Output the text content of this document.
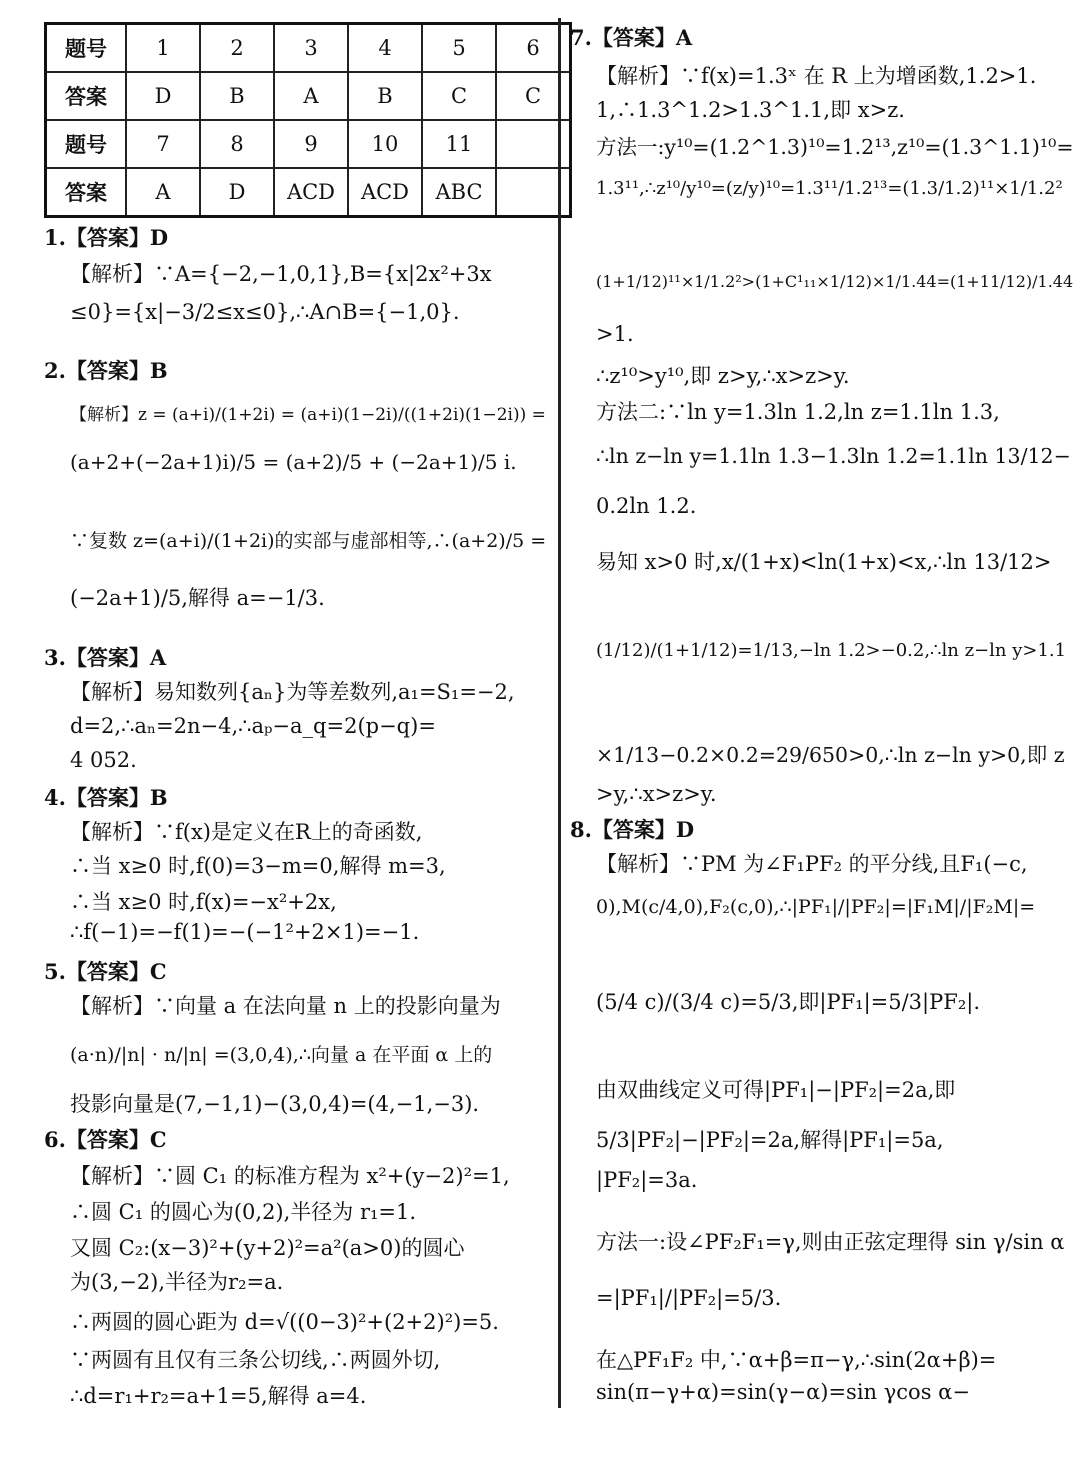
题号	1	2	3	4	5	6
答案	D	B	A	B	C	C
题号	7	8	9	10	11	
答案	A	D	ACD	ACD	ABC	
1.【答案】D
【解析】∵A={−2,−1,0,1},B={x|2x²+3x
≤0}={x|−3/2≤x≤0},∴A∩B={−1,0}.
2.【答案】B
【解析】z = (a+i)/(1+2i) = (a+i)(1−2i)/((1+2i)(1−2i)) =
(a+2+(−2a+1)i)/5 = (a+2)/5 + (−2a+1)/5 i.
∵复数 z=(a+i)/(1+2i)的实部与虚部相等,∴(a+2)/5 =
(−2a+1)/5,解得 a=−1/3.
3.【答案】A
【解析】易知数列{aₙ}为等差数列,a₁=S₁=−2,
d=2,∴aₙ=2n−4,∴aₚ−a_q=2(p−q)=
4 052.
4.【答案】B
【解析】∵f(x)是定义在R上的奇函数,
∴当 x≥0 时,f(0)=3−m=0,解得 m=3,
∴当 x≥0 时,f(x)=−x²+2x,
∴f(−1)=−f(1)=−(−1²+2×1)=−1.
5.【答案】C
【解析】∵向量 a 在法向量 n 上的投影向量为
(a·n)/|n| · n/|n| =(3,0,4),∴向量 a 在平面 α 上的
投影向量是(7,−1,1)−(3,0,4)=(4,−1,−3).
6.【答案】C
【解析】∵圆 C₁ 的标准方程为 x²+(y−2)²=1,
∴圆 C₁ 的圆心为(0,2),半径为 r₁=1.
又圆 C₂:(x−3)²+(y+2)²=a²(a>0)的圆心
为(3,−2),半径为r₂=a.
∴两圆的圆心距为 d=√((0−3)²+(2+2)²)=5.
∵两圆有且仅有三条公切线,∴两圆外切,
∴d=r₁+r₂=a+1=5,解得 a=4.
7.【答案】A
【解析】∵f(x)=1.3ˣ 在 R 上为增函数,1.2>1.
1,∴1.3^1.2>1.3^1.1,即 x>z.
方法一:y¹⁰=(1.2^1.3)¹⁰=1.2¹³,z¹⁰=(1.3^1.1)¹⁰=
1.3¹¹,∴z¹⁰/y¹⁰=(z/y)¹⁰=1.3¹¹/1.2¹³=(1.3/1.2)¹¹×1/1.2²
(1+1/12)¹¹×1/1.2²>(1+C¹₁₁×1/12)×1/1.44=(1+11/12)/1.44
>1.
∴z¹⁰>y¹⁰,即 z>y,∴x>z>y.
方法二:∵ln y=1.3ln 1.2,ln z=1.1ln 1.3,
∴ln z−ln y=1.1ln 1.3−1.3ln 1.2=1.1ln 13/12−
0.2ln 1.2.
易知 x>0 时,x/(1+x)<ln(1+x)<x,∴ln 13/12>
(1/12)/(1+1/12)=1/13,−ln 1.2>−0.2,∴ln z−ln y>1.1
×1/13−0.2×0.2=29/650>0,∴ln z−ln y>0,即 z
>y,∴x>z>y.
8.【答案】D
【解析】∵PM 为∠F₁PF₂ 的平分线,且F₁(−c,
0),M(c/4,0),F₂(c,0),∴|PF₁|/|PF₂|=|F₁M|/|F₂M|=
(5/4 c)/(3/4 c)=5/3,即|PF₁|=5/3|PF₂|.
由双曲线定义可得|PF₁|−|PF₂|=2a,即
5/3|PF₂|−|PF₂|=2a,解得|PF₁|=5a,
|PF₂|=3a.
方法一:设∠PF₂F₁=γ,则由正弦定理得 sin γ/sin α
=|PF₁|/|PF₂|=5/3.
在△PF₁F₂ 中,∵α+β=π−γ,∴sin(2α+β)=
sin(π−γ+α)=sin(γ−α)=sin γcos α−
